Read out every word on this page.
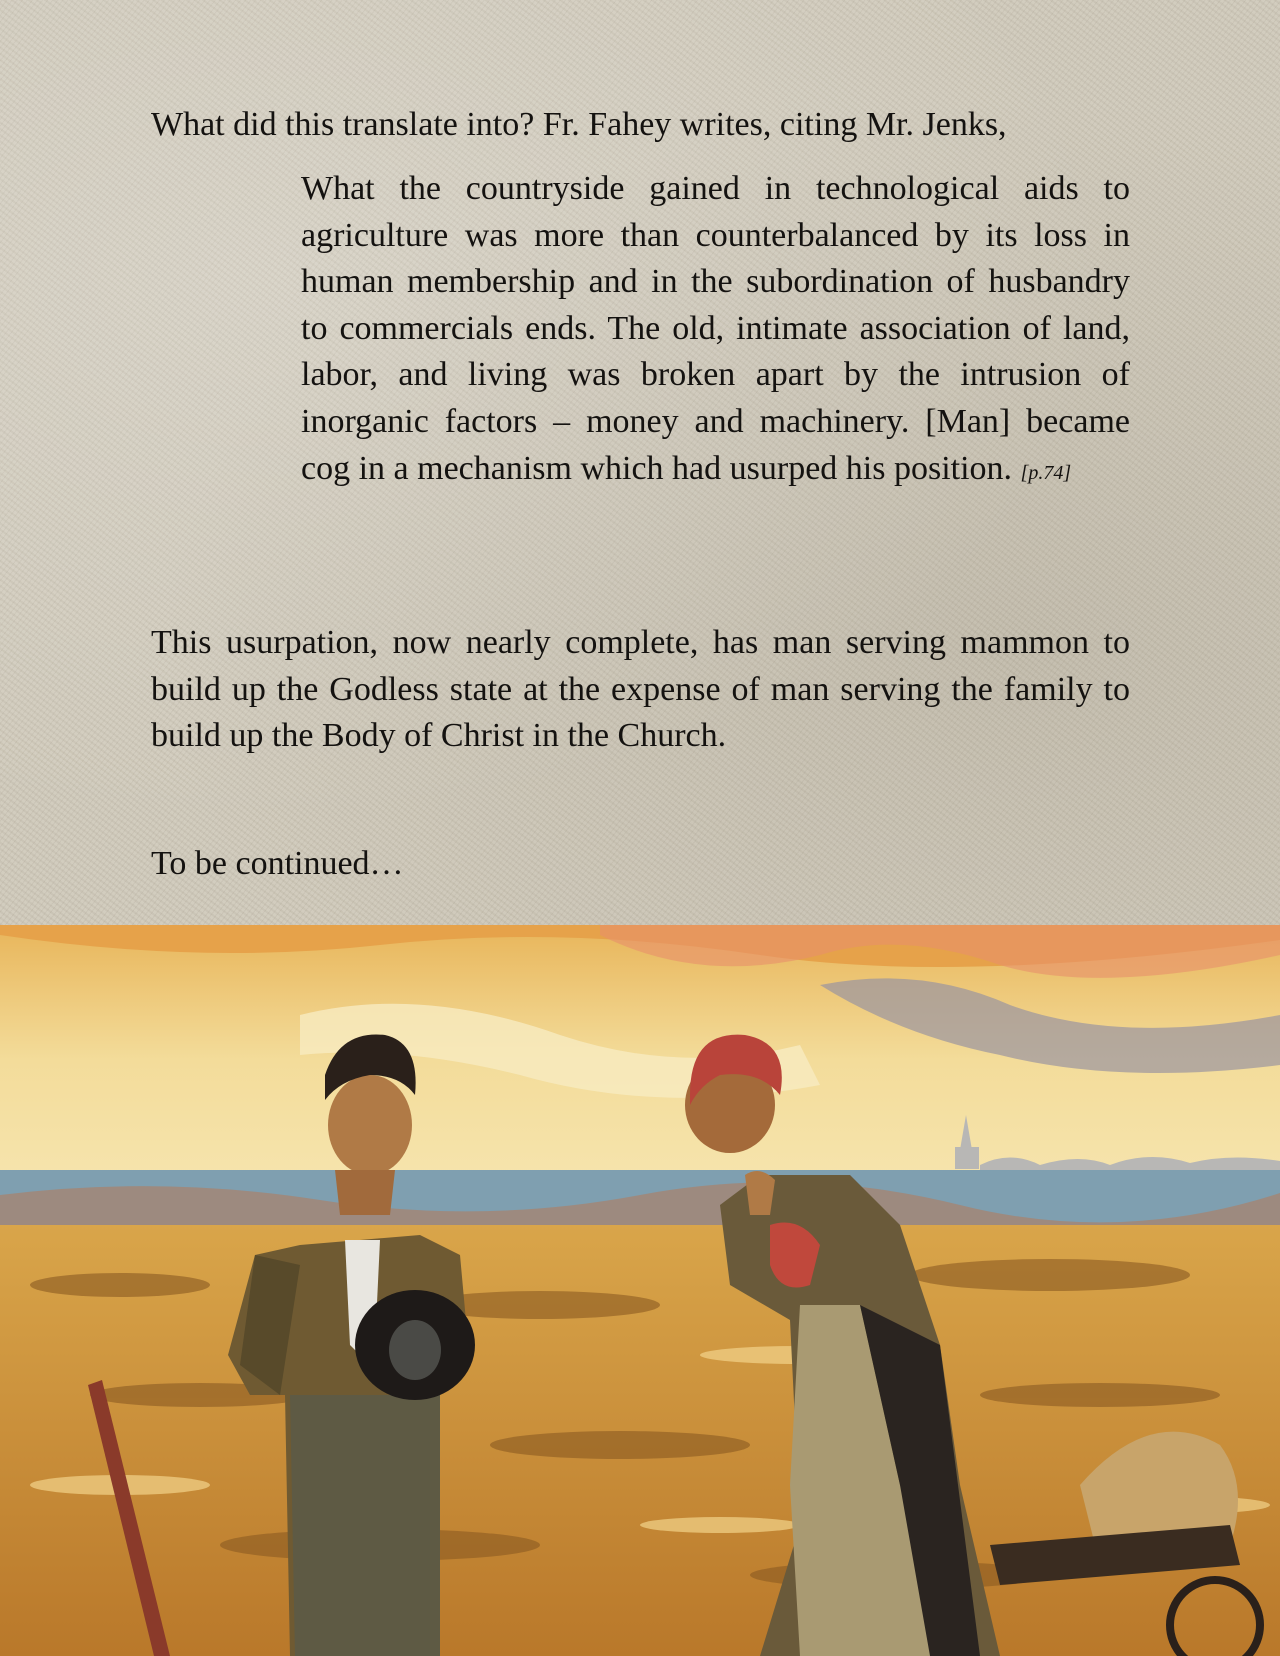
What did this translate into? Fr. Fahey writes, citing Mr. Jenks,

What the countryside gained in technological aids to agriculture was more than counterbalanced by its loss in human membership and in the subordination of husbandry to commercials ends. The old, intimate association of land, labor, and living was broken apart by the intrusion of inorganic factors – money and machinery. [Man] became cog in a mechanism which had usurped his position. [p.74]

This usurpation, now nearly complete, has man serving mammon to build up the Godless state at the expense of man serving the family to build up the Body of Christ in the Church.

To be continued…
